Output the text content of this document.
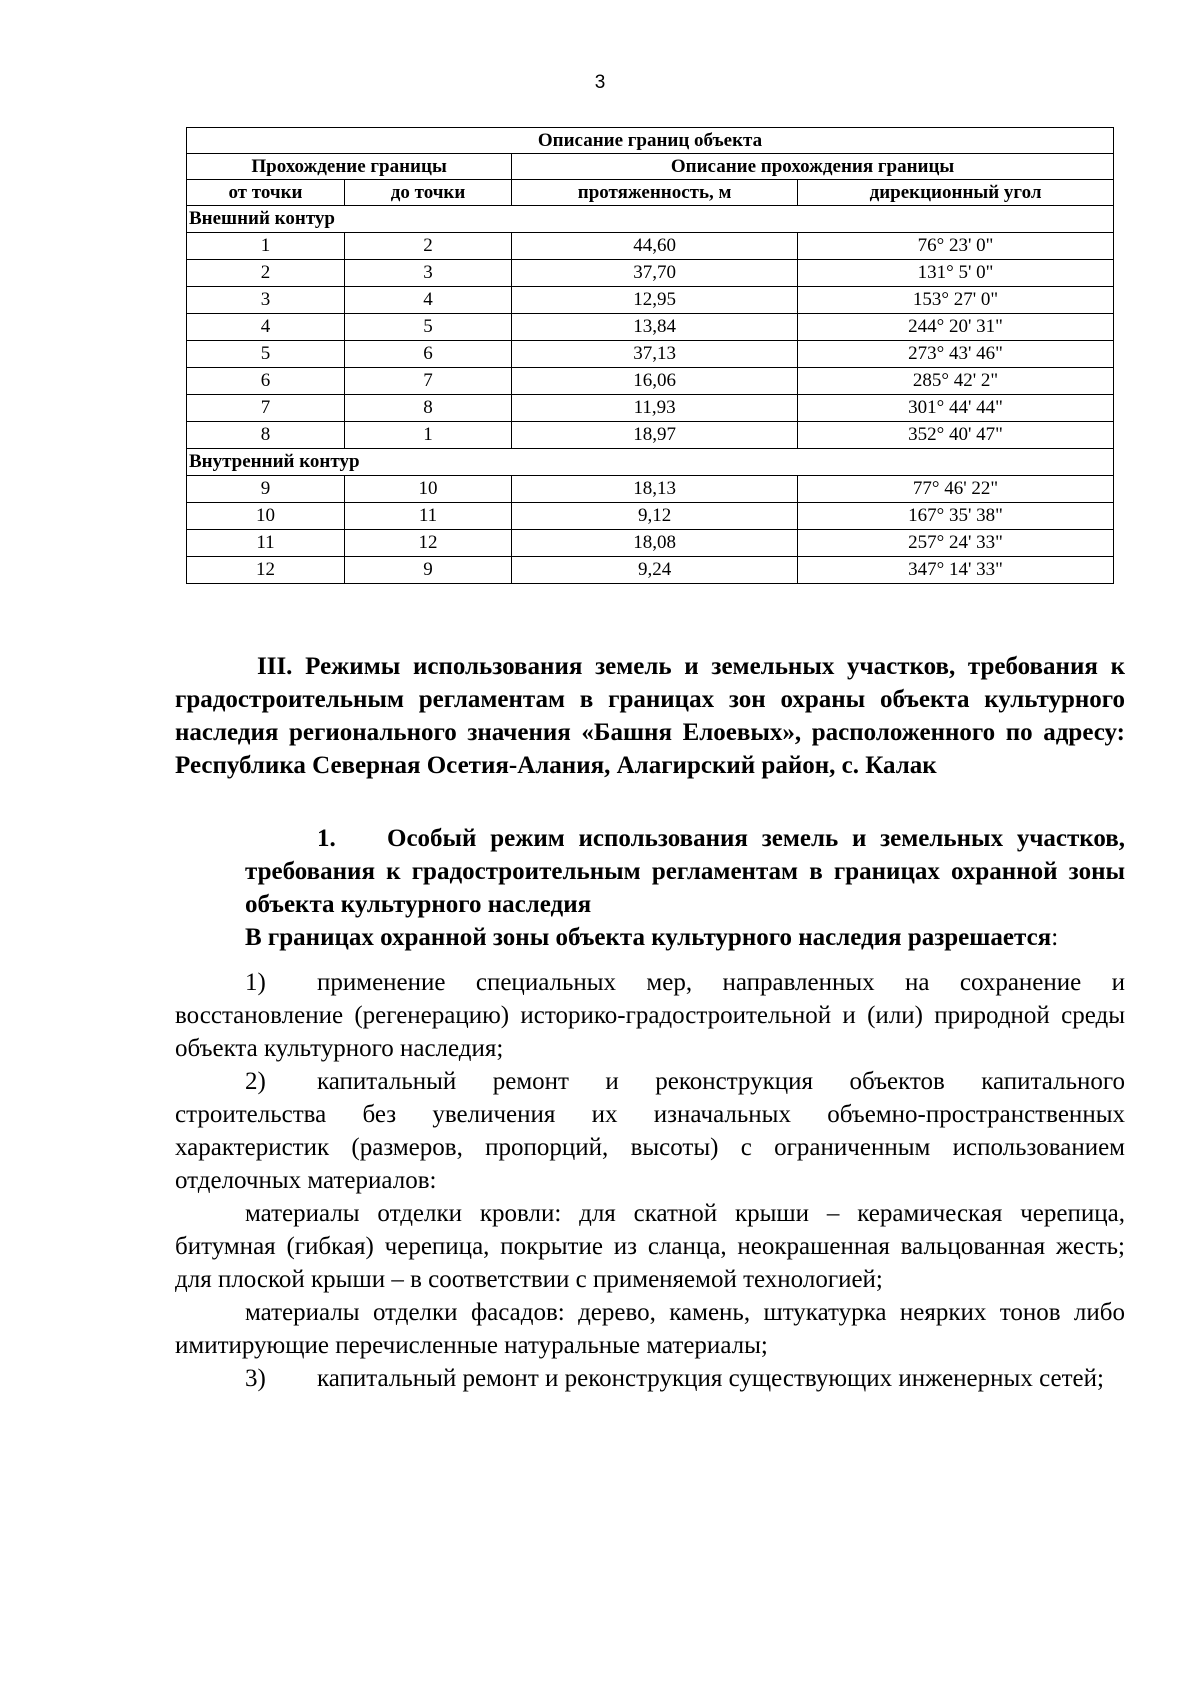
3
Описание границ объекта			
Прохождение границы		Описание прохождения границы	
от точки	до точки	протяженность, м	дирекционный угол
Внешний контур			
1	2	44,60	76° 23' 0"
2	3	37,70	131° 5' 0"
3	4	12,95	153° 27' 0"
4	5	13,84	244° 20' 31"
5	6	37,13	273° 43' 46"
6	7	16,06	285° 42' 2"
7	8	11,93	301° 44' 44"
8	1	18,97	352° 40' 47"
Внутренний контур			
9	10	18,13	77° 46' 22"
10	11	9,12	167° 35' 38"
11	12	18,08	257° 24' 33"
12	9	9,24	347° 14' 33"

III. Режимы использования земель и земельных участков, требования к градостроительным регламентам в границах зон охраны объекта культурного наследия регионального значения «Башня Елоевых», расположенного по адресу: Республика Северная Осетия-Алания, Алагирский район, с. Калак

1. Особый режим использования земель и земельных участков, требования к градостроительным регламентам в границах охранной зоны объекта культурного наследия

В границах охранной зоны объекта культурного наследия разрешается:

1) применение специальных мер, направленных на сохранение и восстановление (регенерацию) историко-градостроительной и (или) природной среды объекта культурного наследия;

2) капитальный ремонт и реконструкция объектов капитального строительства без увеличения их изначальных объемно-пространственных характеристик (размеров, пропорций, высоты) с ограниченным использованием отделочных материалов:

материалы отделки кровли: для скатной крыши – керамическая черепица, битумная (гибкая) черепица, покрытие из сланца, неокрашенная вальцованная жесть; для плоской крыши – в соответствии с применяемой технологией;

материалы отделки фасадов: дерево, камень, штукатурка неярких тонов либо имитирующие перечисленные натуральные материалы;

3) капитальный ремонт и реконструкция существующих инженерных сетей;
